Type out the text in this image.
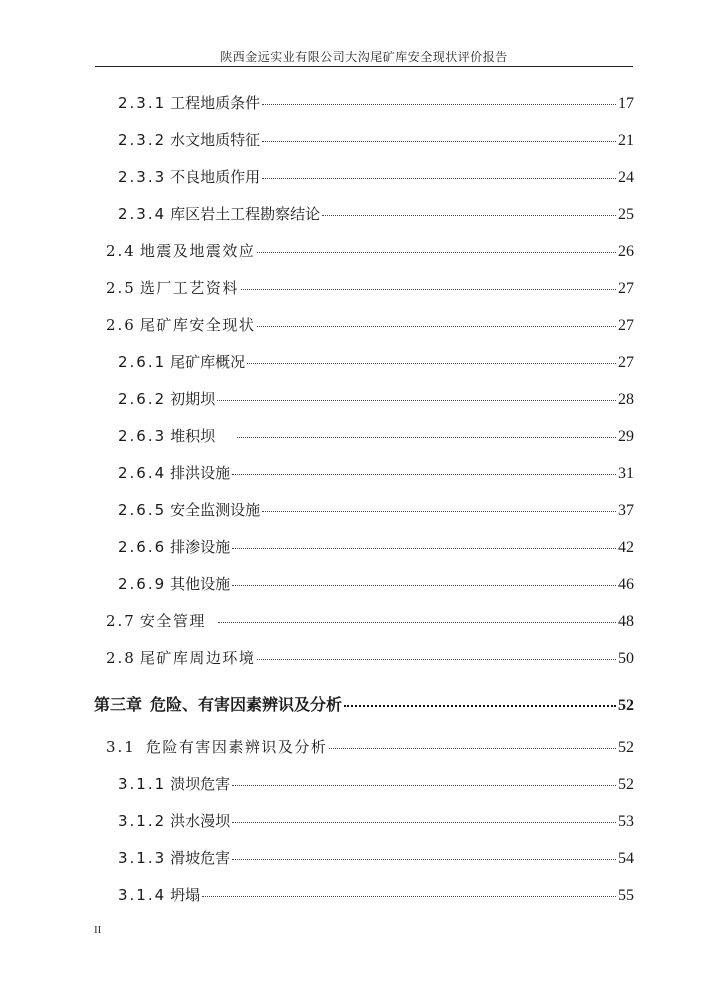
陕西金远实业有限公司大沟尾矿库安全现状评价报告
2.3.1 工程地质条件	17
2.3.2 水文地质特征	21
2.3.3 不良地质作用	24
2.3.4 库区岩土工程勘察结论	25
2.4 地震及地震效应	26
2.5 选厂工艺资料	27
2.6 尾矿库安全现状	27
2.6.1 尾矿库概况	27
2.6.2 初期坝	28
2.6.3 堆积坝	29
2.6.4 排洪设施	31
2.6.5 安全监测设施	37
2.6.6 排渗设施	42
2.6.9 其他设施	46
2.7 安全管理	48
2.8 尾矿库周边环境	50
第三章 危险、有害因素辨识及分析	52
3.1 危险有害因素辨识及分析	52
3.1.1 溃坝危害	52
3.1.2 洪水漫坝	53
3.1.3 滑坡危害	54
3.1.4 坍塌	55
II
